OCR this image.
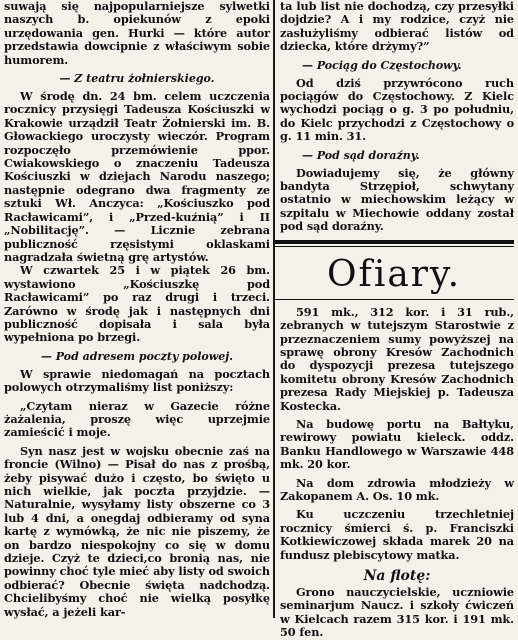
suwają się najpopularniejsze sylwetki naszych b. opiekunów z epoki urzędowania gen. Hurki — które autor przedstawia dowcipnie z właściwym sobie humorem.

— Z teatru żołnierskiego.

W środę dn. 24 bm. celem uczczenia rocznicy przysięgi Tadeusza Kościuszki w Krakowie urządził Teatr Żołnierski im. B. Głowackiego uroczysty wieczór. Program rozpoczęło przemówienie ppor. Cwiakowskiego o znaczeniu Tadeusza Kościuszki w dziejach Narodu naszego; następnie odegrano dwa fragmenty ze sztuki Wł. Anczyca: „Kościuszko pod Racławicami”, i „Przed-kuźnią” i II „Nobilitację”. — Licznie zebrana publiczność rzęsistymi oklaskami nagradzała świetną grę artystów.

W czwartek 25 i w piątek 26 bm. wystawiono „Kościuszkę pod Racławicami” po raz drugi i trzeci. Zarówno w środę jak i następnych dni publiczność dopisała i sala była wypełniona po brzegi.

— Pod adresem poczty polowej.

W sprawie niedomagań na pocztach polowych otrzymaliśmy list poniższy:

„Czytam nieraz w Gazecie różne żażalenia, proszę więc uprzejmie zamieścić i moje.

Syn nasz jest w wojsku obecnie zaś na froncie (Wilno) — Pisał do nas z prośbą, żeby pisywać dużo i często, bo święto u nich wielkie, jak poczta przyjdzie. — Naturalnie, wysyłamy listy obszerne co 3 lub 4 dni, a onegdaj odbieramy od syna kartę z wymówką, że nic nie piszemy, że on bardzo niespokojny co się w domu dzieje. Czyż te dzieci,co bronią nas, nie powinny choć tyle mieć aby listy od swoich odbierać? Obecnie święta nadchodzą. Chcielibyśmy choć nie wielką posyłkę wysłać, a jeżeli kar-

ta lub list nie dochodzą, czy przesyłki dojdzie? A i my rodzice, czyż nie zasłużyliśmy odbierać listów od dziecka, które drżymy?”

— Pociąg do Częstochowy.

Od dziś przywrócono ruch pociągów do Częstochowy. Z Kielc wychodzi pociąg o g. 3 po południu, do Kielc przychodzi z Częstochowy o g. 11 min. 31.

— Pod sąd doraźny.

Dowiadujemy się, że główny bandyta Strzępioł, schwytany ostatnio w miechowskim leżący w szpitalu w Miechowie oddany został pod sąd doraźny.

Ofiary.

591 mk., 312 kor. i 31 rub., zebranych w tutejszym Starostwie z przeznaczeniem sumy powyższej na sprawę obrony Kresów Zachodnich do dyspozycji prezesa tutejszego komitetu obrony Kresów Zachodnich prezesa Rady Miejskiej p. Tadeusza Kostecka.

Na budowę portu na Bałtyku, rewirowy powiatu kieleck. oddz. Banku Handlowego w Warszawie 448 mk. 20 kor.

Na dom zdrowia młodzieży w Zakopanem A. Os. 10 mk.

Ku uczczeniu trzechletniej rocznicy śmierci ś. p. Franciszki Kotkiewiczowej składa marek 20 na fundusz plebiscytowy matka.

Na flotę:

Grono nauczycielskie, uczniowie seminarjum Naucz. i szkoły ćwiczeń w Kielcach razem 315 kor. i 191 mk. 50 fen.
